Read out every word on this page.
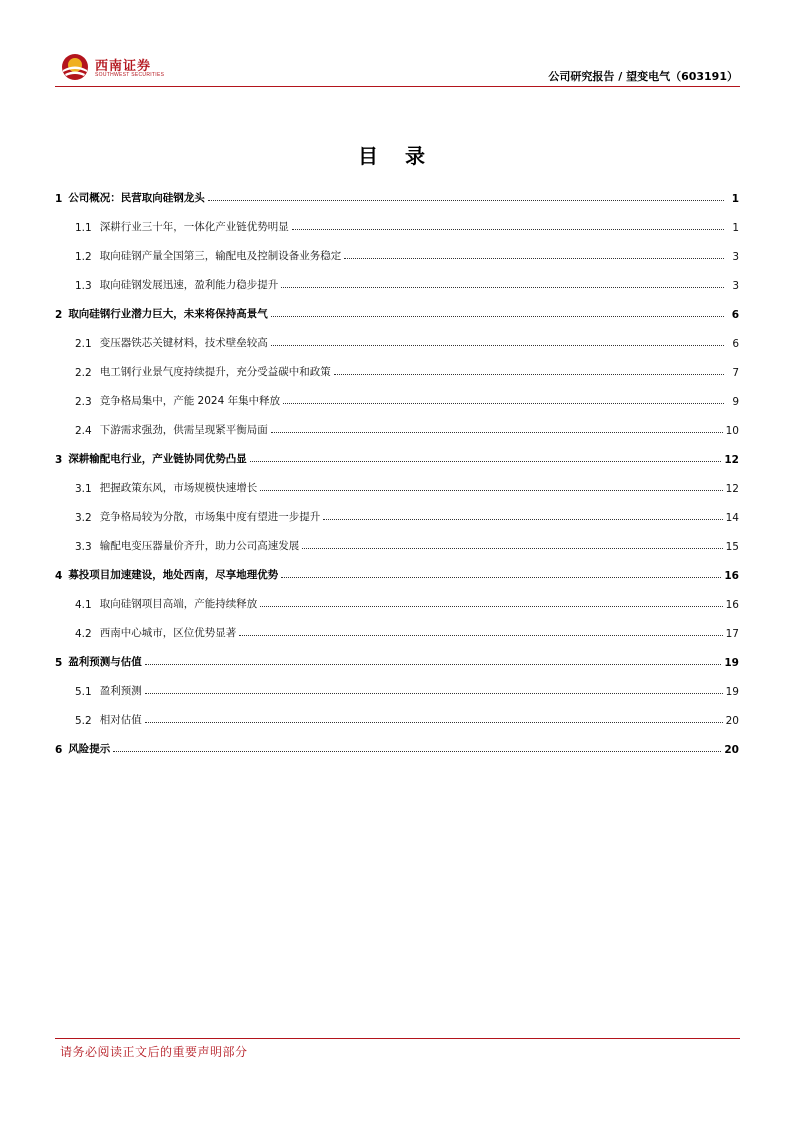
西南证券
SOUTHWEST SECURITIES	公司研究报告 / 望变电气（603191）
目 录
1 公司概况：民营取向硅钢龙头	1
1.1 深耕行业三十年，一体化产业链优势明显	1
1.2 取向硅钢产量全国第三，输配电及控制设备业务稳定	3
1.3 取向硅钢发展迅速，盈利能力稳步提升	3
2 取向硅钢行业潜力巨大，未来将保持高景气	6
2.1 变压器铁芯关键材料，技术壁垒较高	6
2.2 电工钢行业景气度持续提升，充分受益碳中和政策	7
2.3 竞争格局集中，产能 2024 年集中释放	9
2.4 下游需求强劲，供需呈现紧平衡局面	10
3 深耕输配电行业，产业链协同优势凸显	12
3.1 把握政策东风，市场规模快速增长	12
3.2 竞争格局较为分散，市场集中度有望进一步提升	14
3.3 输配电变压器量价齐升，助力公司高速发展	15
4 募投项目加速建设，地处西南，尽享地理优势	16
4.1 取向硅钢项目高端，产能持续释放	16
4.2 西南中心城市，区位优势显著	17
5 盈利预测与估值	19
5.1 盈利预测	19
5.2 相对估值	20
6 风险提示	20
请务必阅读正文后的重要声明部分
